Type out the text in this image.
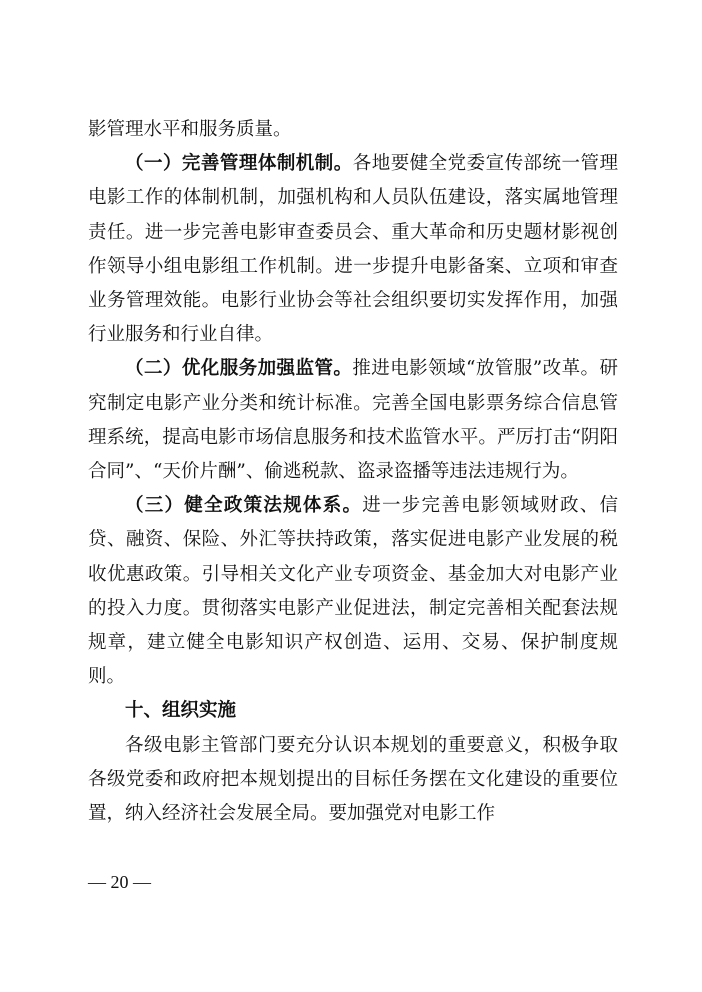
影管理水平和服务质量。

（一）完善管理体制机制。各地要健全党委宣传部统一管理电影工作的体制机制，加强机构和人员队伍建设，落实属地管理责任。进一步完善电影审查委员会、重大革命和历史题材影视创作领导小组电影组工作机制。进一步提升电影备案、立项和审查业务管理效能。电影行业协会等社会组织要切实发挥作用，加强行业服务和行业自律。

（二）优化服务加强监管。推进电影领域“放管服”改革。研究制定电影产业分类和统计标准。完善全国电影票务综合信息管理系统，提高电影市场信息服务和技术监管水平。严厉打击“阴阳合同”、“天价片酬”、偷逃税款、盗录盗播等违法违规行为。

（三）健全政策法规体系。进一步完善电影领域财政、信贷、融资、保险、外汇等扶持政策，落实促进电影产业发展的税收优惠政策。引导相关文化产业专项资金、基金加大对电影产业的投入力度。贯彻落实电影产业促进法，制定完善相关配套法规规章，建立健全电影知识产权创造、运用、交易、保护制度规则。

十、组织实施

各级电影主管部门要充分认识本规划的重要意义，积极争取各级党委和政府把本规划提出的目标任务摆在文化建设的重要位置，纳入经济社会发展全局。要加强党对电影工作

— 20 —
